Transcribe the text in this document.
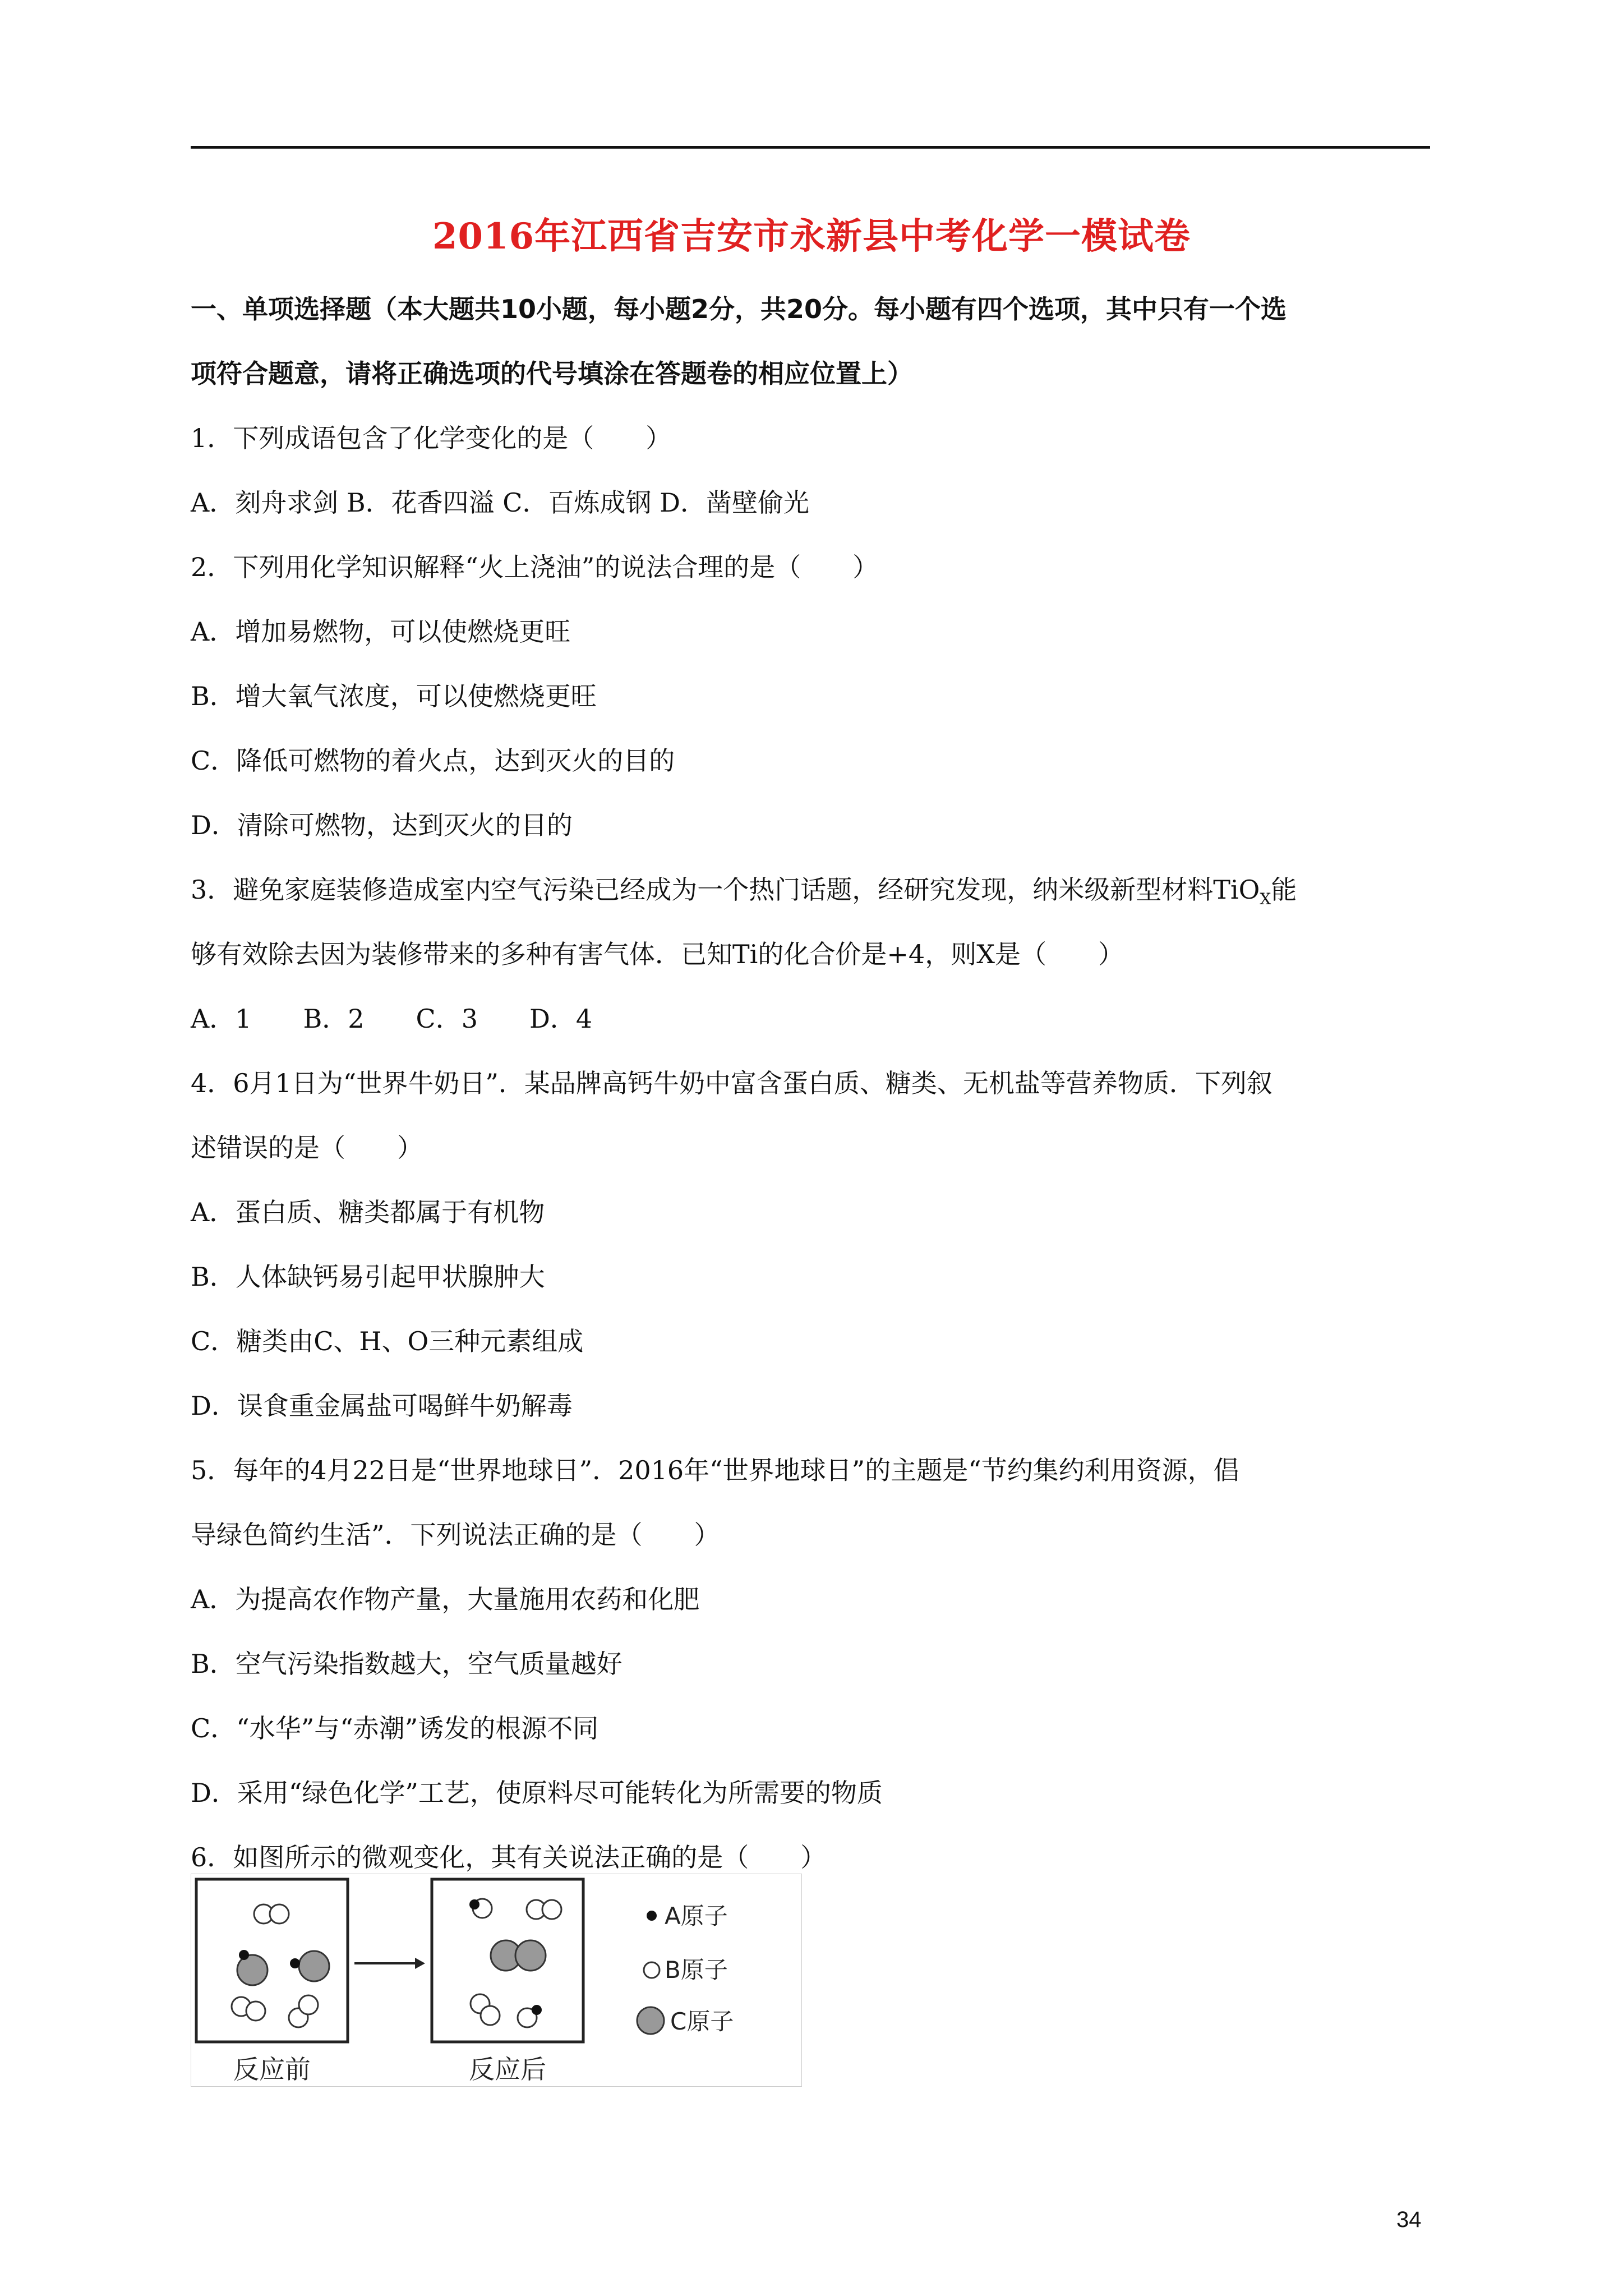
2016年江西省吉安市永新县中考化学一模试卷
一、单项选择题（本大题共10小题，每小题2分，共20分。每小题有四个选项，其中只有一个选
项符合题意，请将正确选项的代号填涂在答题卷的相应位置上）
1．下列成语包含了化学变化的是（　　）
A．刻舟求剑 B．花香四溢 C．百炼成钢 D．凿壁偷光
2．下列用化学知识解释“火上浇油”的说法合理的是（　　）
A．增加易燃物，可以使燃烧更旺
B．增大氧气浓度，可以使燃烧更旺
C．降低可燃物的着火点，达到灭火的目的
D．清除可燃物，达到灭火的目的
3．避免家庭装修造成室内空气污染已经成为一个热门话题，经研究发现，纳米级新型材料TiO$_X$能
够有效除去因为装修带来的多种有害气体．已知Ti的化合价是+4，则X是（　　）
A．1　　B．2　　C．3　　D．4
4．6月1日为“世界牛奶日”．某品牌高钙牛奶中富含蛋白质、糖类、无机盐等营养物质．下列叙
述错误的是（　　）
A．蛋白质、糖类都属于有机物
B．人体缺钙易引起甲状腺肿大
C．糖类由C、H、O三种元素组成
D．误食重金属盐可喝鲜牛奶解毒
5．每年的4月22日是“世界地球日”．2016年“世界地球日”的主题是“节约集约利用资源，倡
导绿色简约生活”．下列说法正确的是（　　）
A．为提高农作物产量，大量施用农药和化肥
B．空气污染指数越大，空气质量越好
C．“水华”与“赤潮”诱发的根源不同
D．采用“绿色化学”工艺，使原料尽可能转化为所需要的物质
6．如图所示的微观变化，其有关说法正确的是（　　）
反应前	反应后
A原子
B原子
C原子
34
